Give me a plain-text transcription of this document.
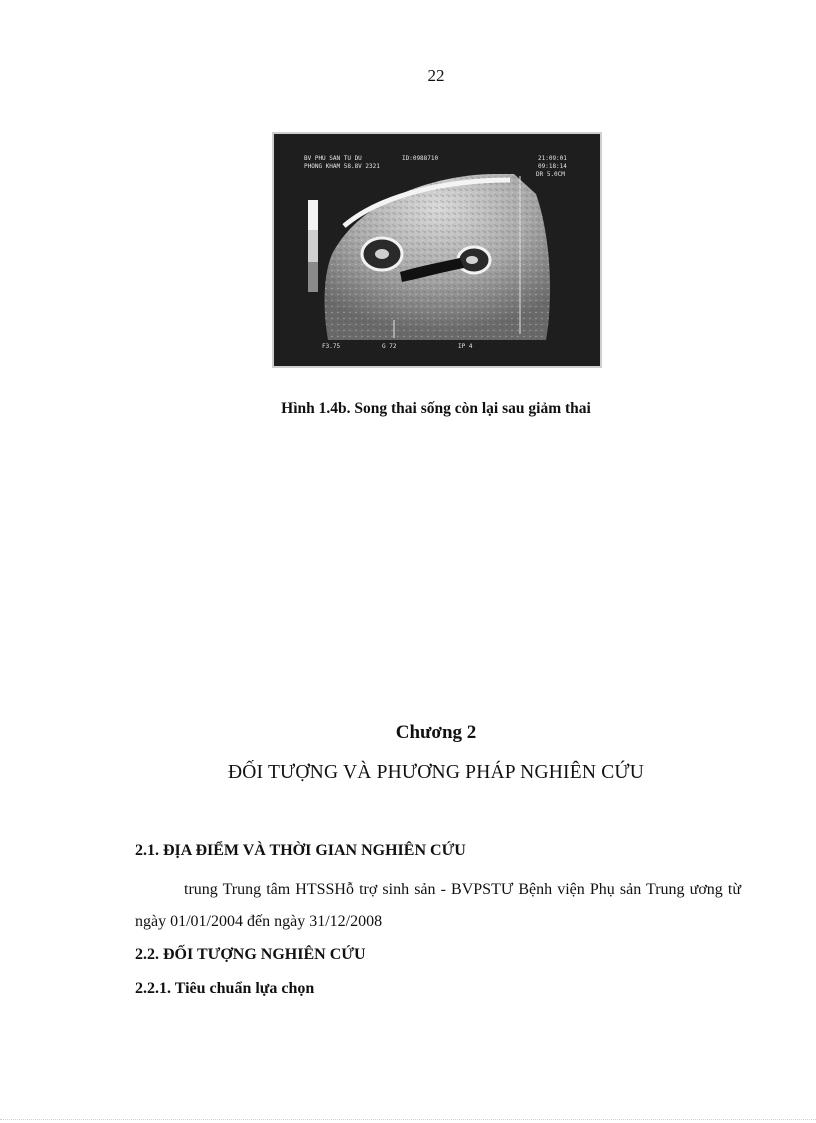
22
BV PHU SAN TU DU
PHONG KHAM 58.8V 2321
ID:0988710	21:09:01
09:18:14
DR 5.0CM
F3.75	G 72	IP 4
Hình 1.4b. Song thai sống còn lại sau giảm thai
Chương 2
ĐỐI TƯỢNG VÀ PHƯƠNG PHÁP NGHIÊN CỨU
2.1. ĐỊA ĐIỂM VÀ THỜI GIAN NGHIÊN CỨU
trung Trung tâm HTSSHỗ trợ sinh sản - BVPSTƯ Bệnh viện Phụ sản Trung ương từ ngày 01/01/2004 đến ngày 31/12/2008
2.2. ĐỐI TƯỢNG NGHIÊN CỨU
2.2.1. Tiêu chuẩn lựa chọn
